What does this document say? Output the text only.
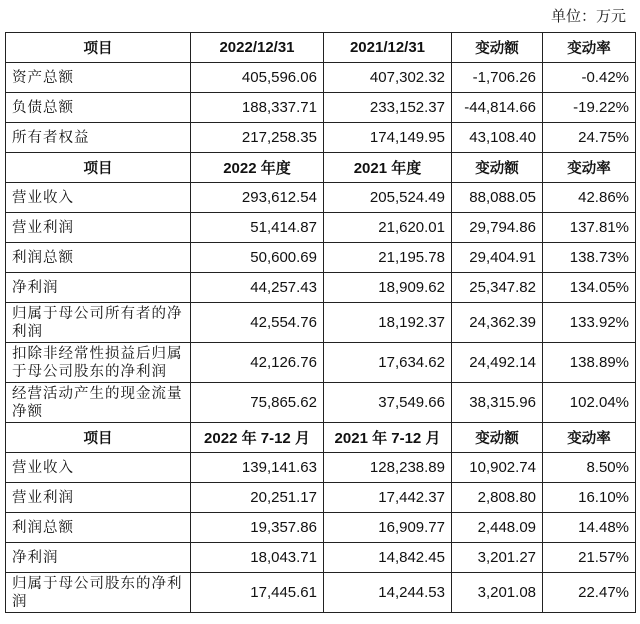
单位：万元
项目	2022/12/31	2021/12/31	变动额	变动率
资产总额	405,596.06	407,302.32	-1,706.26	-0.42%
负债总额	188,337.71	233,152.37	-44,814.66	-19.22%
所有者权益	217,258.35	174,149.95	43,108.40	24.75%
项目	2022 年度	2021 年度	变动额	变动率
营业收入	293,612.54	205,524.49	88,088.05	42.86%
营业利润	51,414.87	21,620.01	29,794.86	137.81%
利润总额	50,600.69	21,195.78	29,404.91	138.73%
净利润	44,257.43	18,909.62	25,347.82	134.05%
归属于母公司所有者的净利润	42,554.76	18,192.37	24,362.39	133.92%
扣除非经常性损益后归属于母公司股东的净利润	42,126.76	17,634.62	24,492.14	138.89%
经营活动产生的现金流量净额	75,865.62	37,549.66	38,315.96	102.04%
项目	2022 年 7-12 月	2021 年 7-12 月	变动额	变动率
营业收入	139,141.63	128,238.89	10,902.74	8.50%
营业利润	20,251.17	17,442.37	2,808.80	16.10%
利润总额	19,357.86	16,909.77	2,448.09	14.48%
净利润	18,043.71	14,842.45	3,201.27	21.57%
归属于母公司股东的净利润	17,445.61	14,244.53	3,201.08	22.47%
